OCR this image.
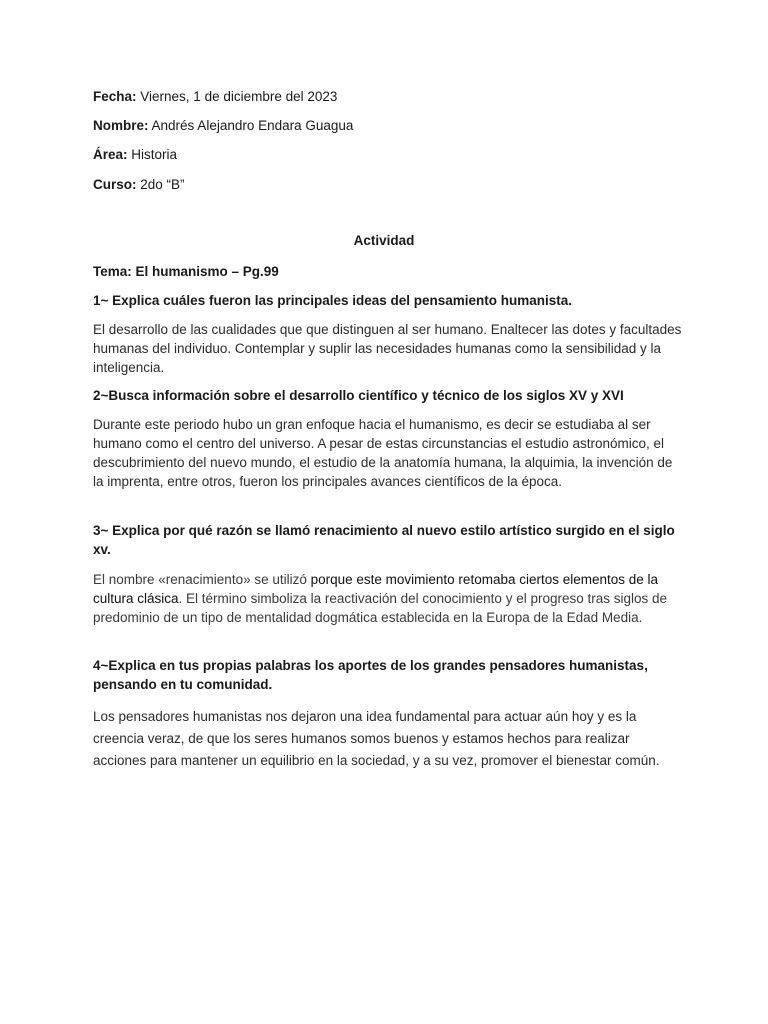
Fecha: Viernes, 1 de diciembre del 2023
Nombre: Andrés Alejandro Endara Guagua
Área: Historia
Curso: 2do “B”
Actividad
Tema: El humanismo – Pg.99
1~ Explica cuáles fueron las principales ideas del pensamiento humanista.
El desarrollo de las cualidades que que distinguen al ser humano. Enaltecer las dotes y facultades humanas del individuo. Contemplar y suplir las necesidades humanas como la sensibilidad y la inteligencia.
2~Busca información sobre el desarrollo científico y técnico de los siglos XV y XVI
Durante este periodo hubo un gran enfoque hacia el humanismo, es decir se estudiaba al ser humano como el centro del universo. A pesar de estas circunstancias el estudio astronómico, el descubrimiento del nuevo mundo, el estudio de la anatomía humana, la alquimia, la invención de la imprenta, entre otros, fueron los principales avances científicos de la época.
3~ Explica por qué razón se llamó renacimiento al nuevo estilo artístico surgido en el siglo xv.
El nombre «renacimiento» se utilizó porque este movimiento retomaba ciertos elementos de la cultura clásica. El término simboliza la reactivación del conocimiento y el progreso tras siglos de predominio de un tipo de mentalidad dogmática establecida en la Europa de la Edad Media.
4~Explica en tus propias palabras los aportes de los grandes pensadores humanistas, pensando en tu comunidad.
Los pensadores humanistas nos dejaron una idea fundamental para actuar aún hoy y es la creencia veraz, de que los seres humanos somos buenos y estamos hechos para realizar acciones para mantener un equilibrio en la sociedad, y a su vez, promover el bienestar común.
